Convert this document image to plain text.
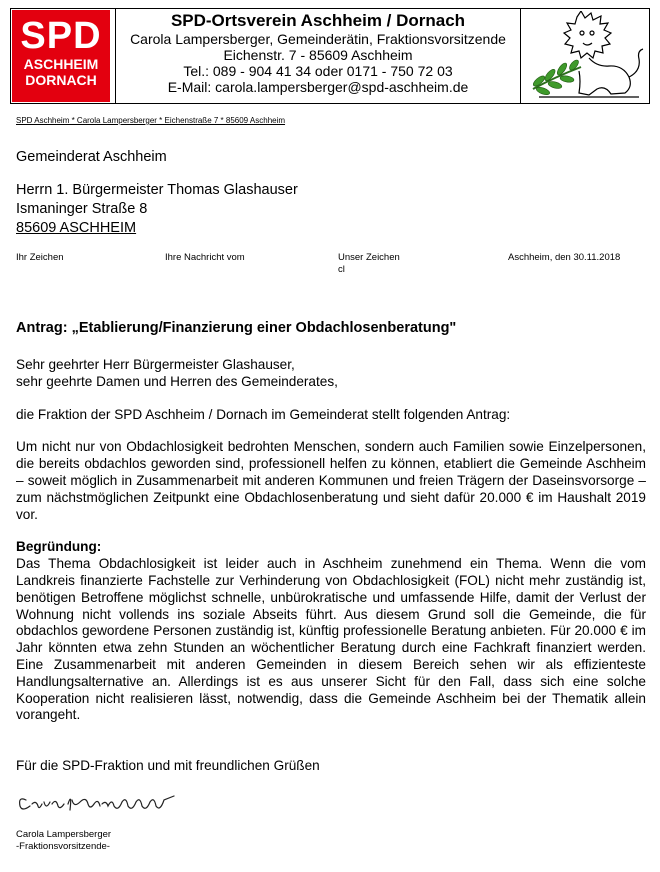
SPD
ASCHHEIM
DORNACH
SPD-Ortsverein Aschheim / Dornach
Carola Lampersberger, Gemeinderätin, Fraktionsvorsitzende
Eichenstr. 7 - 85609 Aschheim
Tel.: 089 - 904 41 34 oder 0171 - 750 72 03
E-Mail: carola.lampersberger@spd-aschheim.de
SPD Aschheim * Carola Lampersberger * Eichenstraße 7 * 85609 Aschheim
Gemeinderat Aschheim
Herrn 1. Bürgermeister Thomas Glashauser
Ismaninger Straße 8
85609 ASCHHEIM
Ihr Zeichen	Ihre Nachricht vom	Unser Zeichen
cl
Aschheim, den 30.11.2018
Antrag: „Etablierung/Finanzierung einer Obdachlosenberatung"

Sehr geehrter Herr Bürgermeister Glashauser,
sehr geehrte Damen und Herren des Gemeinderates,

die Fraktion der SPD Aschheim / Dornach im Gemeinderat stellt folgenden Antrag:

Um nicht nur von Obdachlosigkeit bedrohten Menschen, sondern auch Familien sowie Einzelpersonen, die bereits obdachlos geworden sind, professionell helfen zu können, etabliert die Gemeinde Aschheim – soweit möglich in Zusammenarbeit mit anderen Kommunen und freien Trägern der Daseinsvorsorge – zum nächstmöglichen Zeitpunkt eine Obdachlosenberatung und sieht dafür 20.000 € im Haushalt 2019 vor.

Begründung:

Das Thema Obdachlosigkeit ist leider auch in Aschheim zunehmend ein Thema. Wenn die vom Landkreis finanzierte Fachstelle zur Verhinderung von Obdachlosigkeit (FOL) nicht mehr zuständig ist, benötigen Betroffene möglichst schnelle, unbürokratische und umfassende Hilfe, damit der Verlust der Wohnung nicht vollends ins soziale Abseits führt. Aus diesem Grund soll die Gemeinde, die für obdachlos gewordene Personen zuständig ist, künftig professionelle Beratung anbieten. Für 20.000 € im Jahr könnten etwa zehn Stunden an wöchentlicher Beratung durch eine Fachkraft finanziert werden. Eine Zusammenarbeit mit anderen Gemeinden in diesem Bereich sehen wir als effizienteste Handlungsalternative an. Allerdings ist es aus unserer Sicht für den Fall, dass sich eine solche Kooperation nicht realisieren lässt, notwendig, dass die Gemeinde Aschheim bei der Thematik allein vorangeht.

Für die SPD-Fraktion und mit freundlichen Grüßen
Carola Lampersberger
-Fraktionsvorsitzende-
